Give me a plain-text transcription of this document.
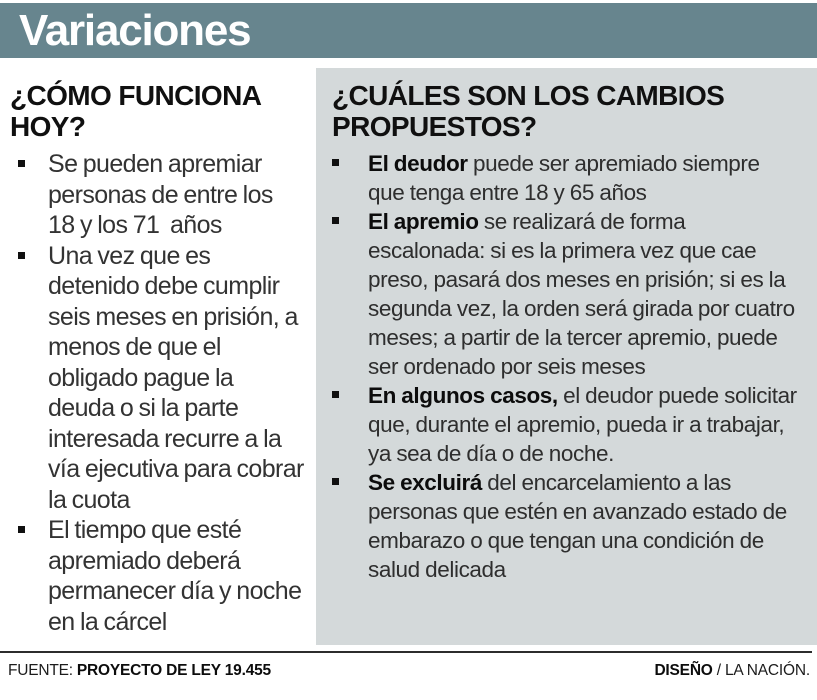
Variaciones
¿CÓMO FUNCIONA HOY?
Se pueden apremiar personas de entre los 18 y los 71  años
Una vez que es detenido debe cumplir seis meses en prisión, a menos de que el obligado pague la deuda o si la parte interesada recurre a la vía ejecutiva para cobrar la cuota
El tiempo que esté apremiado deberá permanecer día y noche en la cárcel
¿CUÁLES SON LOS CAMBIOS PROPUESTOS?
El deudor puede ser apremiado siempre que tenga entre 18 y 65 años
El apremio se realizará de forma escalonada: si es la primera vez que cae preso, pasará dos meses en prisión; si es la segunda vez, la orden será girada por cuatro meses; a partir de la tercer apremio, puede ser ordenado por seis meses
En algunos casos, el deudor puede solicitar que, durante el apremio, pueda ir a trabajar, ya sea de día o de noche.
Se excluirá del encarcelamiento a las personas que estén en avanzado estado de embarazo o que tengan una condición de salud delicada
FUENTE: PROYECTO DE LEY 19.455	DISEÑO / LA NACIÓN.
